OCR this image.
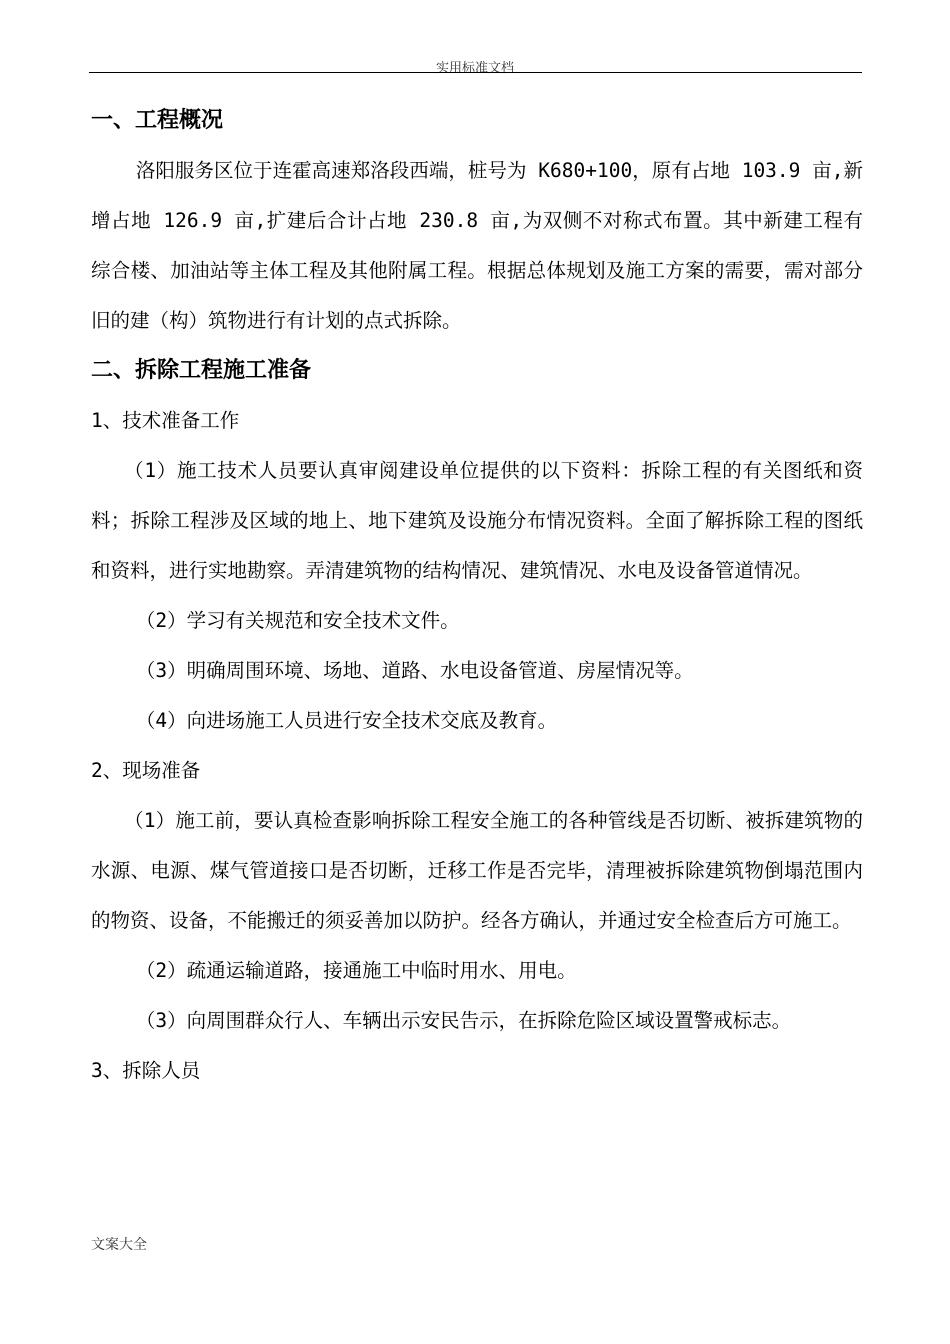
实用标准文档
一、工程概况

洛阳服务区位于连霍高速郑洛段西端，桩号为 K680+100，原有占地 103.9 亩,新增占地 126.9 亩,扩建后合计占地 230.8 亩,为双侧不对称式布置。其中新建工程有综合楼、加油站等主体工程及其他附属工程。根据总体规划及施工方案的需要，需对部分旧的建（构）筑物进行有计划的点式拆除。

二、拆除工程施工准备

1、技术准备工作

（1）施工技术人员要认真审阅建设单位提供的以下资料：拆除工程的有关图纸和资料；拆除工程涉及区域的地上、地下建筑及设施分布情况资料。全面了解拆除工程的图纸和资料，进行实地勘察。弄清建筑物的结构情况、建筑情况、水电及设备管道情况。

（2）学习有关规范和安全技术文件。

（3）明确周围环境、场地、道路、水电设备管道、房屋情况等。

（4）向进场施工人员进行安全技术交底及教育。

2、现场准备

（1）施工前，要认真检查影响拆除工程安全施工的各种管线是否切断、被拆建筑物的水源、电源、煤气管道接口是否切断，迁移工作是否完毕，清理被拆除建筑物倒塌范围内的物资、设备，不能搬迁的须妥善加以防护。经各方确认，并通过安全检查后方可施工。

（2）疏通运输道路，接通施工中临时用水、用电。

（3）向周围群众行人、车辆出示安民告示，在拆除危险区域设置警戒标志。

3、拆除人员

文案大全
